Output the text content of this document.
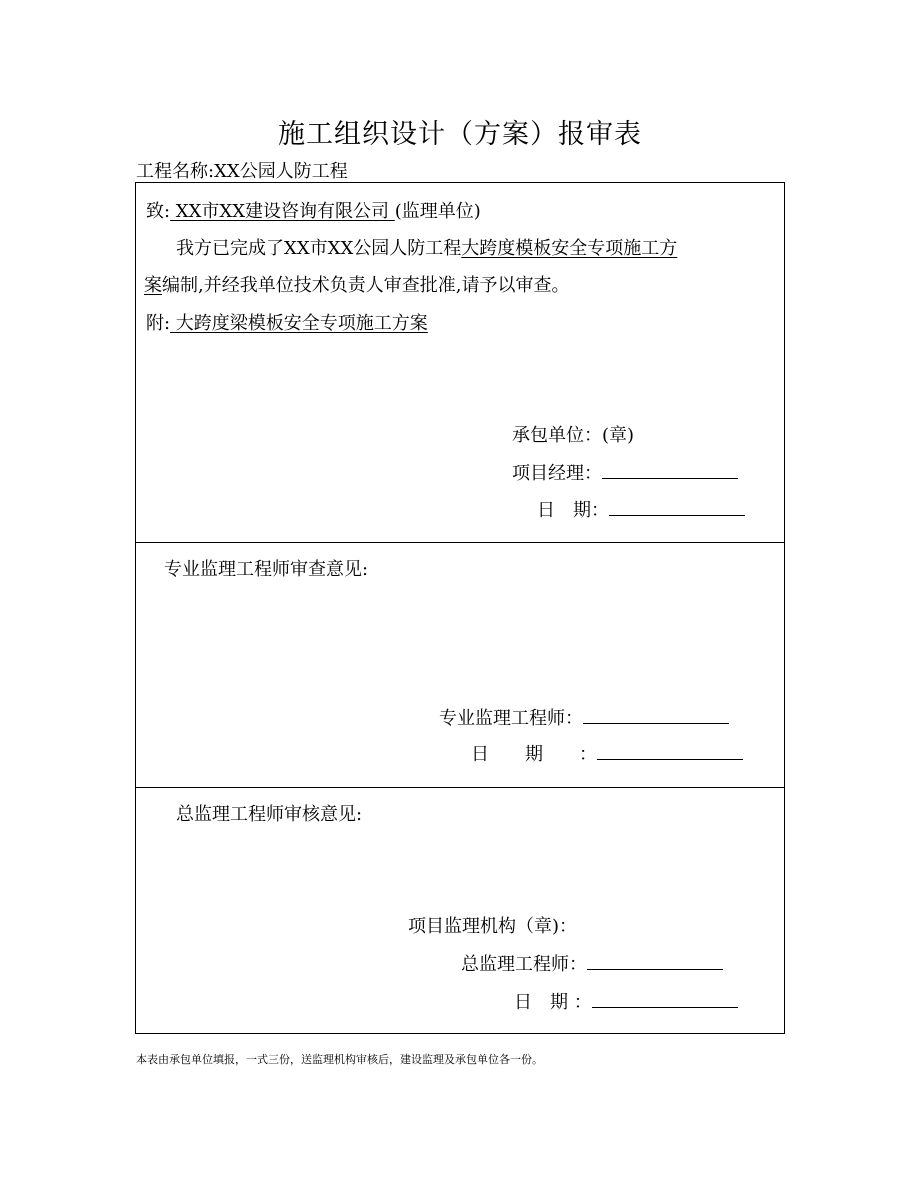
施工组织设计（方案）报审表
工程名称:XX公园人防工程
致: XX市XX建设咨询有限公司 (监理单位)
我方已完成了XX市XX公园人防工程大跨度模板安全专项施工方
案编制,并经我单位技术负责人审查批准,请予以审查。
附: 大跨度梁模板安全专项施工方案
承包单位：(章)
项目经理：
日　期：
专业监理工程师审查意见:
专业监理工程师：
日　　期　　：
总监理工程师审核意见:
项目监理机构（章)：
总监理工程师：
日　期 ：
本表由承包单位填报，一式三份，送监理机构审核后，建设监理及承包单位各一份。
